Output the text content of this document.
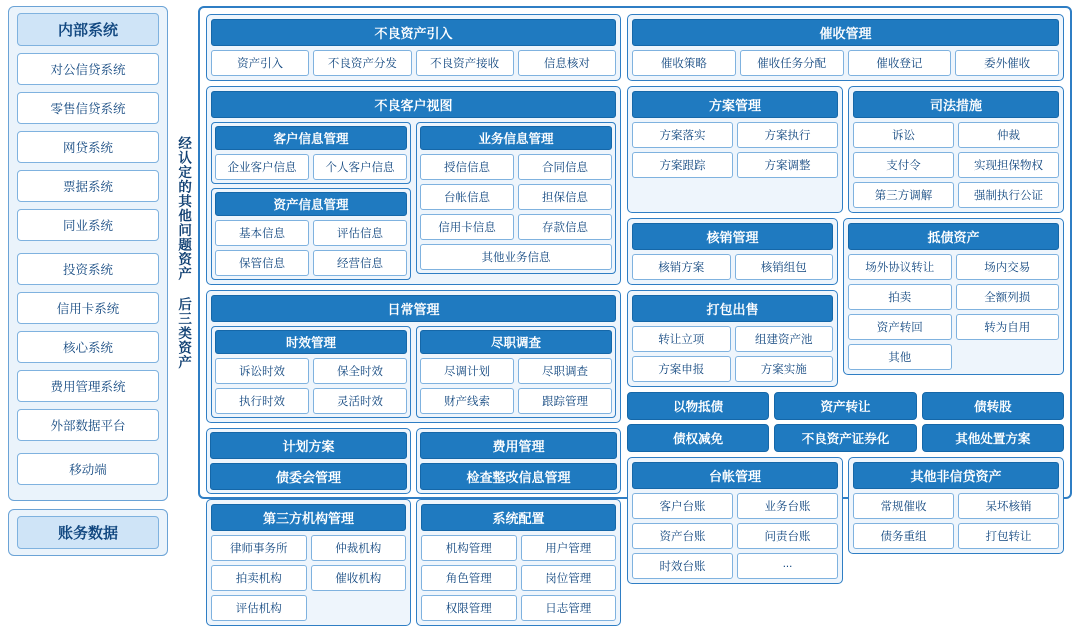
内部系统
对公信贷系统
零售信贷系统
网贷系统
票据系统
同业系统
投资系统
信用卡系统
核心系统
费用管理系统
外部数据平台
移动端
账务数据
经认定的其他问题资产 后三类资产
不良资产引入
资产引入	不良资产分发	不良资产接收	信息核对
不良客户视图
客户信息管理
企业客户信息	个人客户信息
资产信息管理
基本信息	评估信息
保管信息	经营信息
业务信息管理
授信信息	合同信息
台帐信息	担保信息
信用卡信息	存款信息
其他业务信息
日常管理
时效管理
诉讼时效	保全时效
执行时效	灵活时效
尽职调查
尽调计划	尽职调查
财产线索	跟踪管理
计划方案
债委会管理
费用管理
检查整改信息管理
第三方机构管理
律师事务所	仲裁机构
拍卖机构	催收机构
评估机构
系统配置
机构管理	用户管理
角色管理	岗位管理
权限管理	日志管理
催收管理
催收策略	催收任务分配	催收登记	委外催收
方案管理
方案落实	方案执行
方案跟踪	方案调整
司法措施
诉讼	仲裁
支付令	实现担保物权
第三方调解	强制执行公证
核销管理
核销方案	核销组包
打包出售
转让立项	组建资产池
方案申报	方案实施
抵债资产
场外协议转让	场内交易
拍卖	全额列损
资产转回	转为自用
其他
以物抵债	资产转让	债转股
债权减免	不良资产证券化	其他处置方案
台帐管理
客户台账	业务台账
资产台账	问责台账
时效台账	...
其他非信贷资产
常规催收	呆坏核销
债务重组	打包转让
